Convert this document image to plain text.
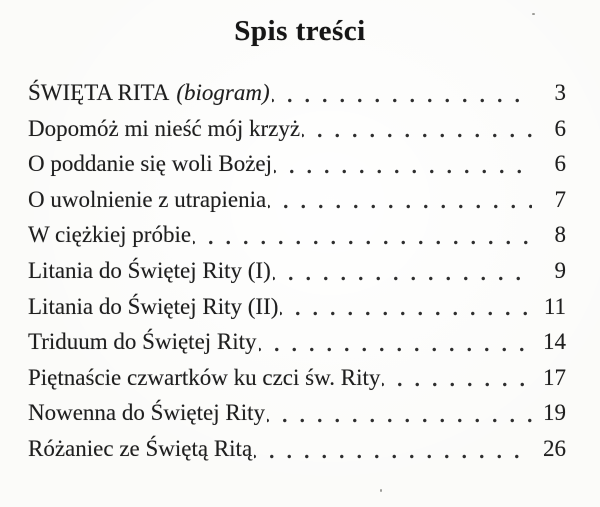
Spis treści
ŚWIĘTA RITA (biogram)	3
Dopomóż mi nieść mój krzyż	6
O poddanie się woli Bożej	6
O uwolnienie z utrapienia	7
W ciężkiej próbie	8
Litania do Świętej Rity (I)	9
Litania do Świętej Rity (II)	11
Triduum do Świętej Rity	14
Piętnaście czwartków ku czci św. Rity	17
Nowenna do Świętej Rity	19
Różaniec ze Świętą Ritą	26
